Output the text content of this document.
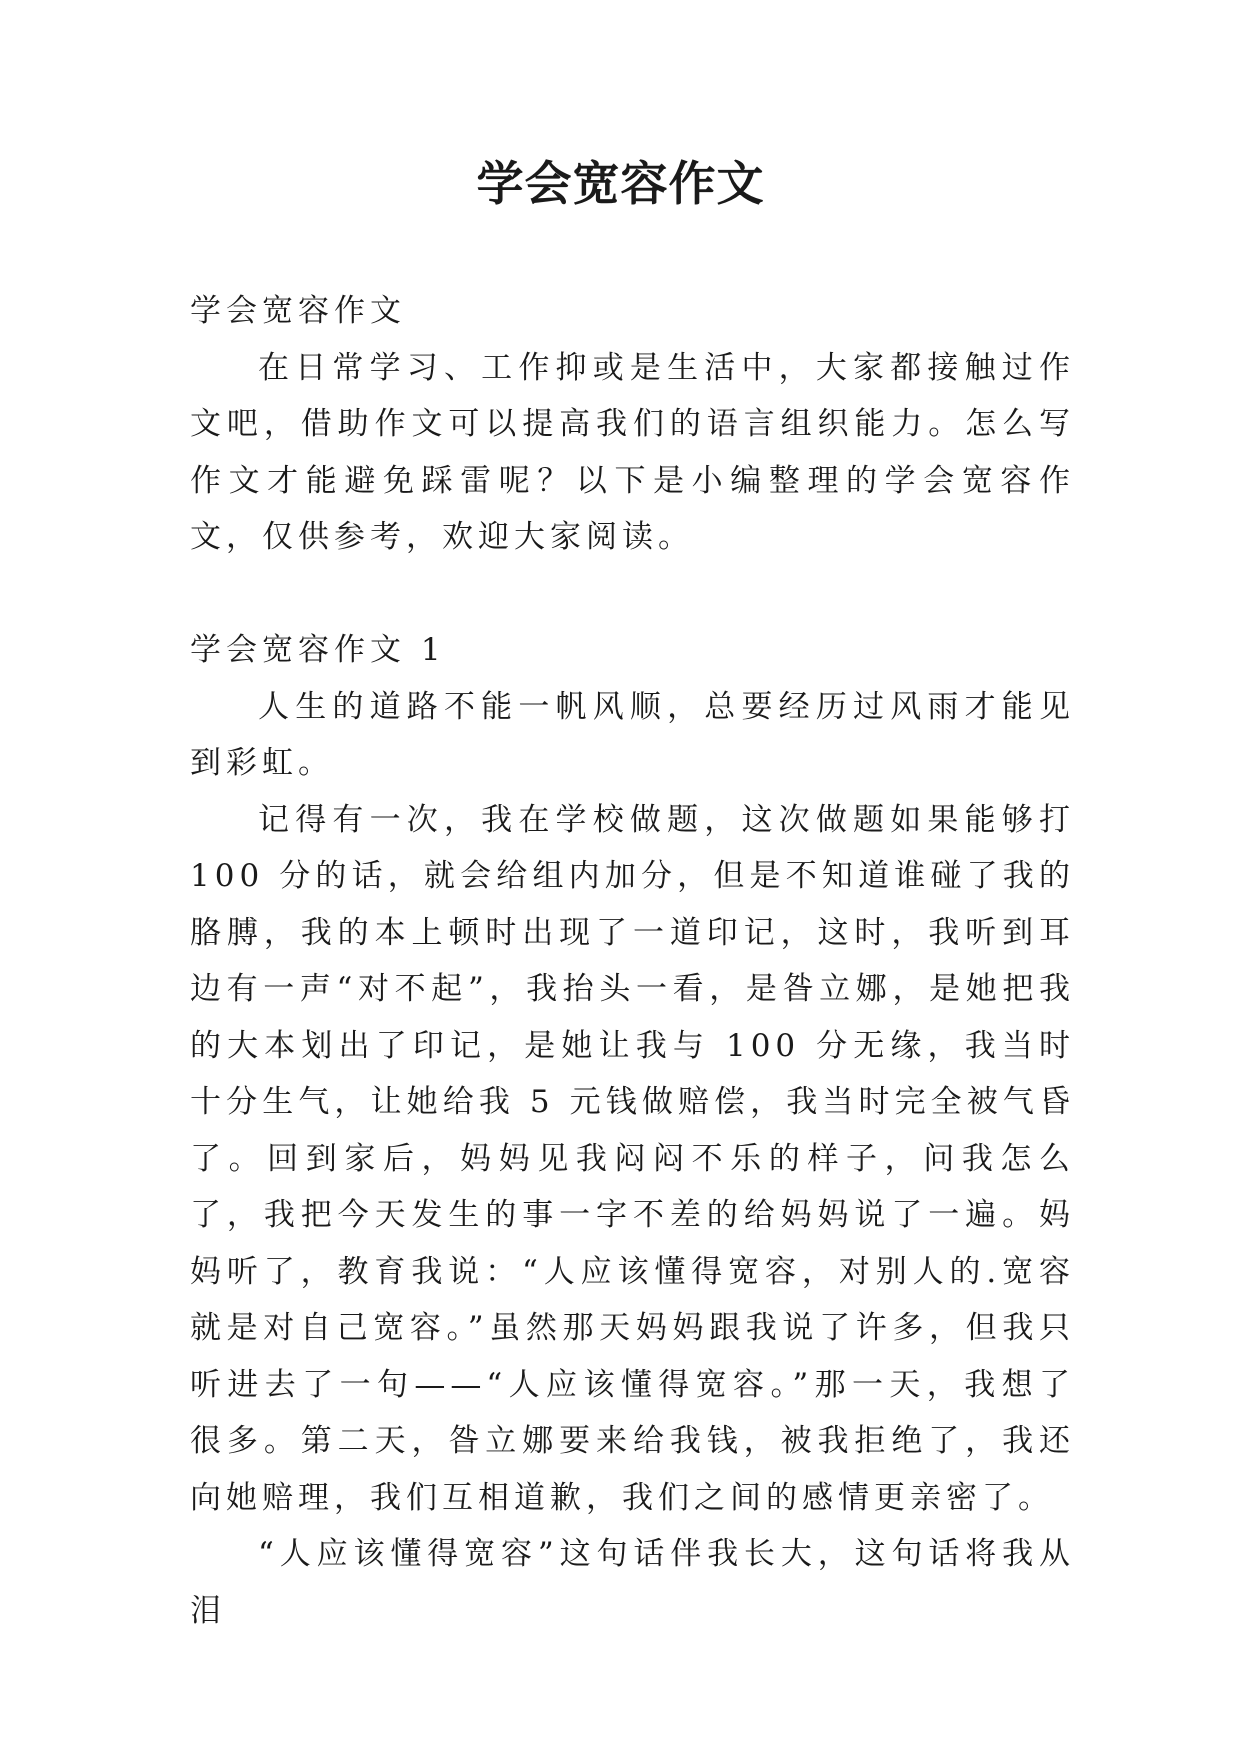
学会宽容作文

学会宽容作文

在日常学习、工作抑或是生活中，大家都接触过作文吧，借助作文可以提高我们的语言组织能力。怎么写作文才能避免踩雷呢？以下是小编整理的学会宽容作文，仅供参考，欢迎大家阅读。

学会宽容作文 1

人生的道路不能一帆风顺，总要经历过风雨才能见到彩虹。

记得有一次，我在学校做题，这次做题如果能够打 100 分的话，就会给组内加分，但是不知道谁碰了我的胳膊，我的本上顿时出现了一道印记，这时，我听到耳边有一声“对不起”，我抬头一看，是昝立娜，是她把我的大本划出了印记，是她让我与 100 分无缘，我当时十分生气，让她给我 5 元钱做赔偿，我当时完全被气昏了。回到家后，妈妈见我闷闷不乐的样子，问我怎么了，我把今天发生的事一字不差的给妈妈说了一遍。妈妈听了，教育我说：“人应该懂得宽容，对别人的.宽容就是对自己宽容。”虽然那天妈妈跟我说了许多，但我只听进去了一句——“人应该懂得宽容。”那一天，我想了很多。第二天，昝立娜要来给我钱，被我拒绝了，我还向她赔理，我们互相道歉，我们之间的感情更亲密了。

“人应该懂得宽容”这句话伴我长大，这句话将我从泪
